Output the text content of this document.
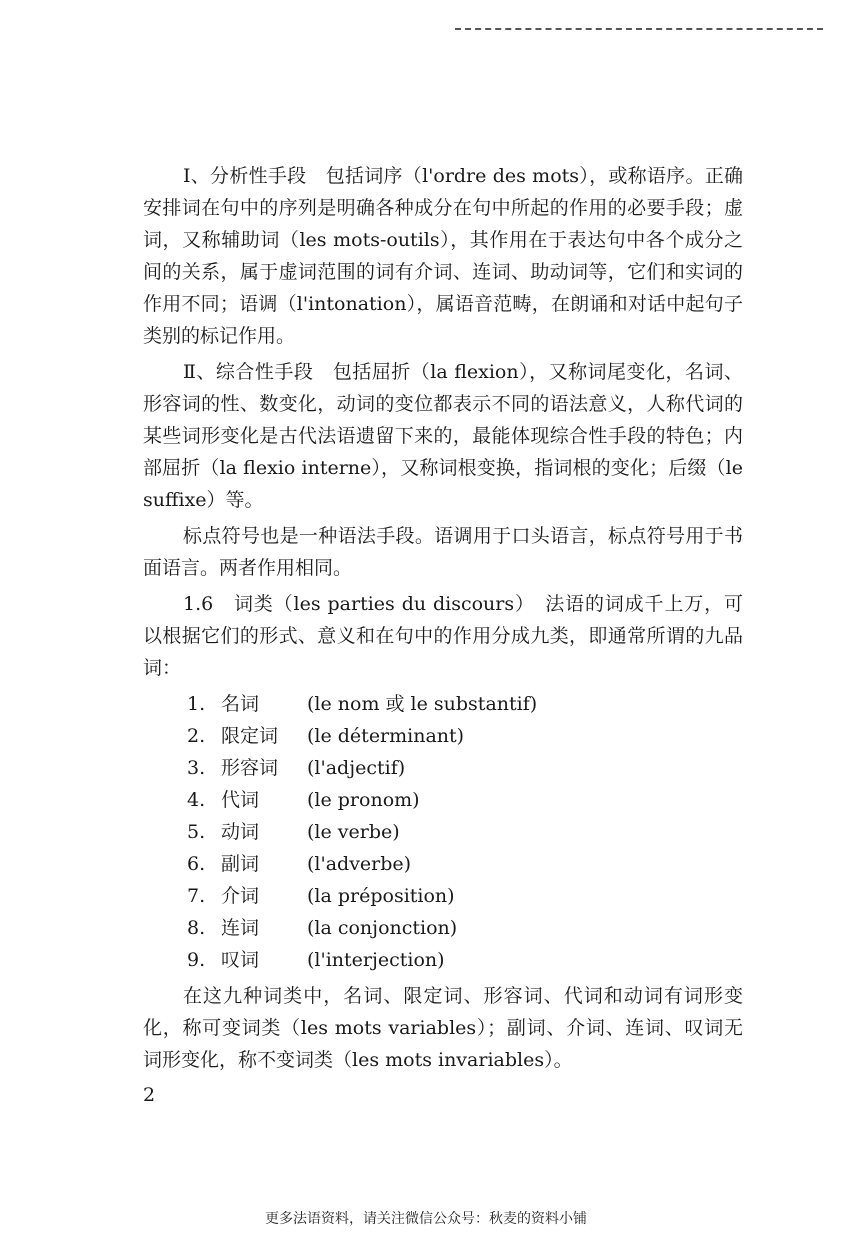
Ⅰ、分析性手段　包括词序（l'ordre des mots），或称语序。正确安排词在句中的序列是明确各种成分在句中所起的作用的必要手段；虚词，又称辅助词（les mots-outils），其作用在于表达句中各个成分之间的关系，属于虚词范围的词有介词、连词、助动词等，它们和实词的作用不同；语调（l'intonation），属语音范畴，在朗诵和对话中起句子类别的标记作用。

Ⅱ、综合性手段　包括屈折（la flexion），又称词尾变化，名词、形容词的性、数变化，动词的变位都表示不同的语法意义，人称代词的某些词形变化是古代法语遗留下来的，最能体现综合性手段的特色；内部屈折（la flexio interne），又称词根变换，指词根的变化；后缀（le suffixe）等。

标点符号也是一种语法手段。语调用于口头语言，标点符号用于书面语言。两者作用相同。

1.6　词类（les parties du discours）　法语的词成千上万，可以根据它们的形式、意义和在句中的作用分成九类，即通常所谓的九品词：

1. 名词	(le nom 或 le substantif)
2. 限定词	(le déterminant)
3. 形容词	(l'adjectif)
4. 代词	(le pronom)
5. 动词	(le verbe)
6. 副词	(l'adverbe)
7. 介词	(la préposition)
8. 连词	(la conjonction)
9. 叹词	(l'interjection)

在这九种词类中，名词、限定词、形容词、代词和动词有词形变化，称可变词类（les mots variables）；副词、介词、连词、叹词无词形变化，称不变词类（les mots invariables）。

2
更多法语资料，请关注微信公众号：秋麦的资料小铺
